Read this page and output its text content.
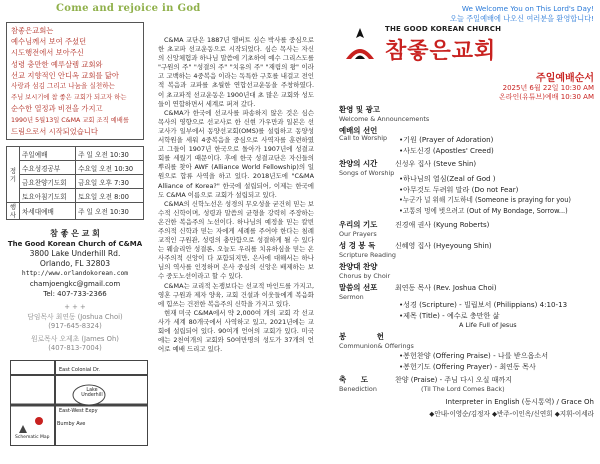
Come and rejoice in God
참좋은교회는
예수님께서 보여 주셨던
시도행전에서 보아주신
성령 충만한 예루살렘 교회와
선교 지향적인 안디옥 교회를 닮아
사랑과 섬김 그리고 나눔을 실천하는
주님 보시기에 참 좋은 교회가 되고자 하는
순수한 열정과 비전을 가지고
1990년 5월13일 C&MA 교회 조직 예배를
드림으로서 시작되었습니다
정 기	주일예배	주 일 오전 10:30
	수요성경공부	수요일 오전 10:30
	금요찬양기도회	금요일 오후 7:30
	토요아침기도회	토요일 오전 8:00
행 사	차세대예배	주 일 오전 10:30
참 좋 은 교 회
The Good Korean Church of C&MA
3800 Lake Underhill Rd.
Orlando, FL 32803
http://www.orlandokorean.com
chamjoengkc@gmail.com
Tel: 407-733-2366
+ + +
담임목사 최연동 (Joshua Choi)
(917-645-8324)
원로목사 오제초 (James Oh)
(407-813-7004)
East Colonial Dr.
Lake Underhill
East-West Expy
Bumby Ave
Schematic Map

C&MA 교단은 1887년 앨버트 심슨 박사를 중심으로 한 초교파 선교운동으로 시작되었다. 심슨 목사는 자신의 신앙체험과 하나님 말씀에 기초하여 예수 그리스도를 "구원의 주" "성결의 주" "치유의 주" "재림의 왕" 이라고 고백하는 4중복음 이라는 독특한 구호를 내걸고 전인적 복음과 교파를 초월한 연합선교운동을 주창하였다. 이 초교파적 선교운동은 1900년대 초 많은 교회와 성도들이 연합하면서 세계로 퍼져 갔다.

C&MA가 한국에 선교사를 파송하지 않은 것은 심슨 목사의 영향으로 선교사로 한 신현 가우만과 일본은 선교사가 일부에서 동양선교회(OMS)를 설립하고 동양성서학원을 세워 4중복음을 중심으로 사역자를 훈련하였고 그들이 1907년 한국으로 돌아가 1907년에 성결교회를 세웠기 때문이다. 후에 한국 성결교단은 자신들의 뿌리를 찾아 AWF (Alliance World Fellowship)의 일원으로 합류 사역을 하고 있다. 2018년도에 "C&MA Alliance of Korea?" 한국에 설립되어, 이제는 한국에도 C&MA 이름으로 교회가 설립되고 있다.

C&MA의 신학노선은 성경의 무오성을 굳건히 믿는 보수적 신학이며, 성령과 말씀의 균형을 강력히 주장하는 온건한 복음주의 노선이다. 하나님의 예정을 믿는 칼빈주의적 신학과 믿는 자에게 세례를 주어야 한다는 침례교적인 구원관, 성령의 충만함으로 성결하게 될 수 있다는 웨슬리안 성결론, 오늘도 우리를 치유하심을 믿는 온사주의적 신앙이 다 포함되지만, 은사에 대해서는 하나님의 역사를 인정하며 은사 중심의 신앙은 배제하는 보수 중도노선이라고 할 수 있다.

C&MA는 교리적 논쟁보다는 선교적 마인드를 가지고, 영혼 구원과 제자 양육, 교회 건설과 이웃들에게 복음화에 힘쓰는 건전한 복음주의 신학을 가지고 있다.

현재 미국 C&MA에서 약 2,000여 개의 교회 각 선교사가 세계 80개국에서 사역하고 있고, 2021년에는 교회에 설립되어 있다. 90여개 언어의 교회가 있다. 미국에는 2천여개의 교회와 50여만명의 성도가 37개의 언어로 예배 드리고 있다.

We Welcome You on This Lord's Day!
오늘 주일예배에 나오신 여러분을 환영합니다!
THE GOOD KOREAN CHURCH
참좋은교회
주일예배순서
2025년 6월 22일 10:30 AM
온라인(유튜브)예배 10:30 AM
환영 및 광고
Welcome & Announcements
예배의 선언
Call to Worship	•기원 (Prayer of Adoration)
•사도신경 (Apostles' Creed)
찬양의 시간	신성우 집사 (Steve Shin)
Songs of Worship
•하나님의 열심(Zeal of God )
•아무것도 두려워 말라 (Do not Fear)
•누군가 널 위해 기도하네 (Someone is praying for you)
•고통의 멍에 벗으려고 (Out of My Bondage, Sorrow...)
우리의 기도	진경애 권사 (Kyung Roberts)
Our Prayers
성 경 봉 독	신혜영 집사 (Hyeyoung Shin)
Scripture Reading
찬양대 찬양
Chorus by Choir
말씀의 선포	최연동 목사 (Rev. Joshua Choi)
Sermon
•성경 (Scripture) - 빌립보서 (Philippians) 4:10-13
•제목 (Title) - 예수로 충만한 삶
A Life Full of Jesus
봉 헌
Communion& Offerings
•봉헌찬양 (Offering Praise) - 나를 받으옵소서
•봉헌기도 (Offering Prayer) - 최연동 목사
축 도	찬양 (Praise) - 주님 다시 오실 때까지
Benediction	(Til The Lord Comes Back)
Interpreter in English (동시통역) / Grace Oh
◆안내-이영순/김정자 ◆반주-이인옥/신연희 ◆지휘-이세라
